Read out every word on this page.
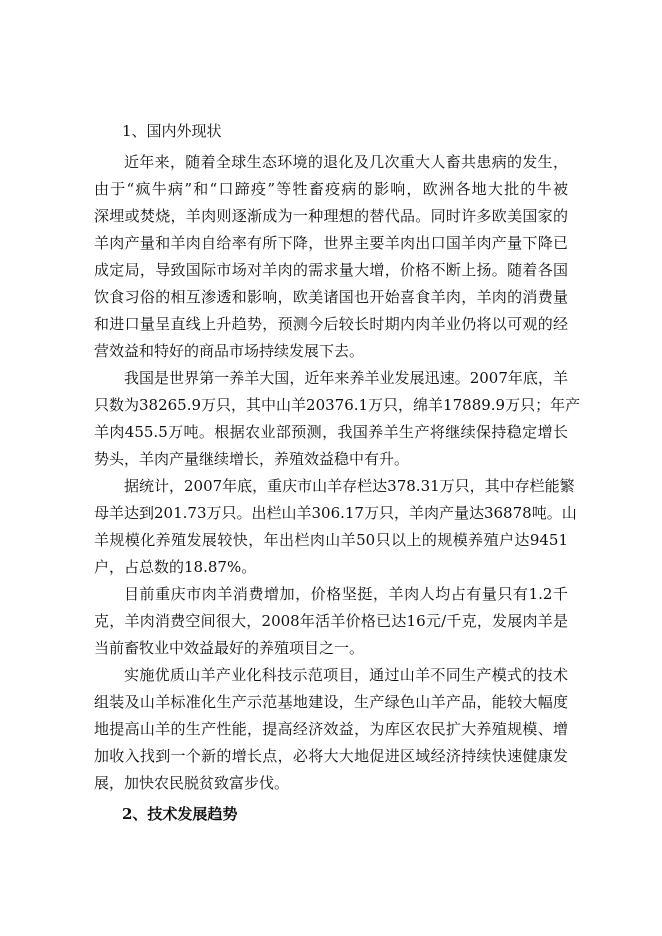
1、国内外现状

近年来，随着全球生态环境的退化及几次重大人畜共患病的发生，
由于“疯牛病”和“口蹄疫”等牲畜疫病的影响，欧洲各地大批的牛被
深埋或焚烧，羊肉则逐渐成为一种理想的替代品。同时许多欧美国家的
羊肉产量和羊肉自给率有所下降，世界主要羊肉出口国羊肉产量下降已
成定局，导致国际市场对羊肉的需求量大增，价格不断上扬。随着各国
饮食习俗的相互渗透和影响，欧美诸国也开始喜食羊肉，羊肉的消费量
和进口量呈直线上升趋势，预测今后较长时期内肉羊业仍将以可观的经
营效益和特好的商品市场持续发展下去。

我国是世界第一养羊大国，近年来养羊业发展迅速。2007年底，羊
只数为38265.9万只，其中山羊20376.1万只，绵羊17889.9万只；年产
羊肉455.5万吨。根据农业部预测，我国养羊生产将继续保持稳定增长
势头，羊肉产量继续增长，养殖效益稳中有升。

据统计，2007年底，重庆市山羊存栏达378.31万只，其中存栏能繁
母羊达到201.73万只。出栏山羊306.17万只，羊肉产量达36878吨。山
羊规模化养殖发展较快，年出栏肉山羊50只以上的规模养殖户达9451
户，占总数的18.87%。

目前重庆市肉羊消费增加，价格坚挺，羊肉人均占有量只有1.2千
克，羊肉消费空间很大，2008年活羊价格已达16元/千克，发展肉羊是
当前畜牧业中效益最好的养殖项目之一。

实施优质山羊产业化科技示范项目，通过山羊不同生产模式的技术
组装及山羊标准化生产示范基地建设，生产绿色山羊产品，能较大幅度
地提高山羊的生产性能，提高经济效益，为库区农民扩大养殖规模、增
加收入找到一个新的增长点，必将大大地促进区域经济持续快速健康发
展，加快农民脱贫致富步伐。

2、技术发展趋势
